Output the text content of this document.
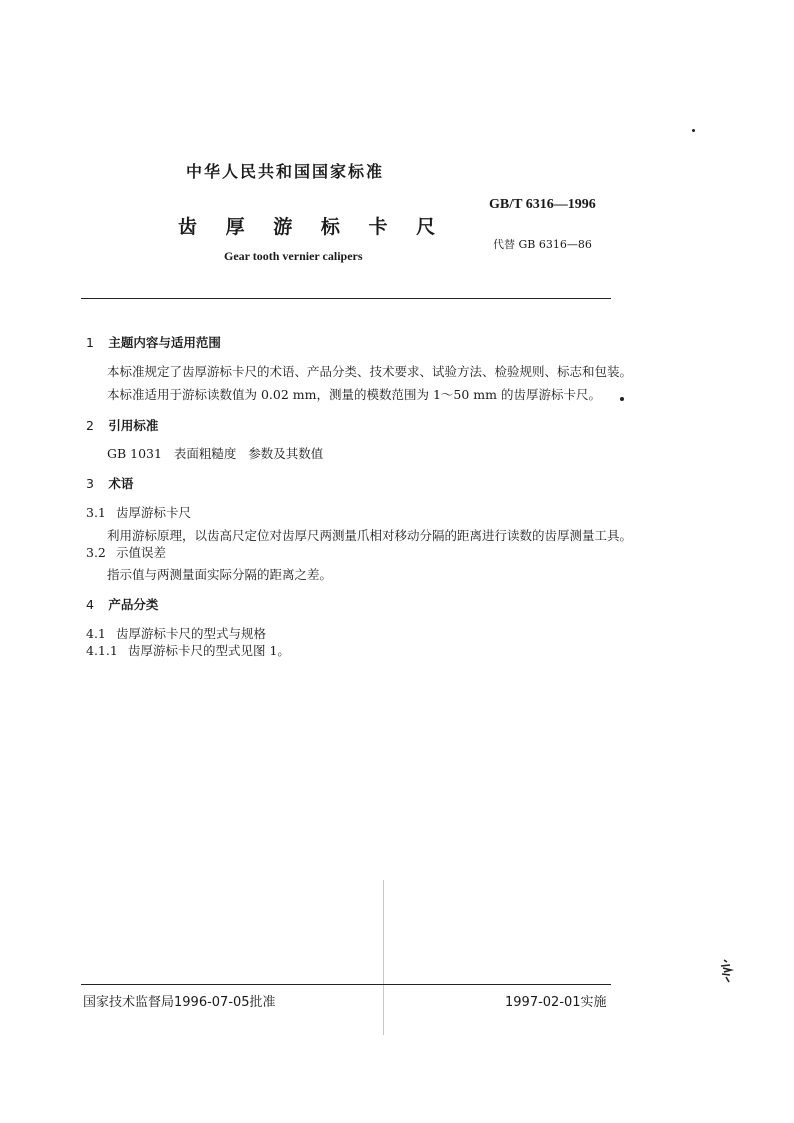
中华人民共和国国家标准
GB/T 6316—1996
齿 厚 游 标 卡 尺
代替 GB 6316—86
Gear tooth vernier calipers
1 主题内容与适用范围
本标准规定了齿厚游标卡尺的术语、产品分类、技术要求、试验方法、检验规则、标志和包装。
本标准适用于游标读数值为 0.02 mm，测量的模数范围为 1～50 mm 的齿厚游标卡尺。
2 引用标准
GB 1031   表面粗糙度   参数及其数值
3 术语
3.1 齿厚游标卡尺
利用游标原理，以齿高尺定位对齿厚尺两测量爪相对移动分隔的距离进行读数的齿厚测量工具。
3.2 示值误差
指示值与两测量面实际分隔的距离之差。
4 产品分类
4.1 齿厚游标卡尺的型式与规格
4.1.1 齿厚游标卡尺的型式见图 1。
国家技术监督局1996-07-05批准	1997-02-01实施
